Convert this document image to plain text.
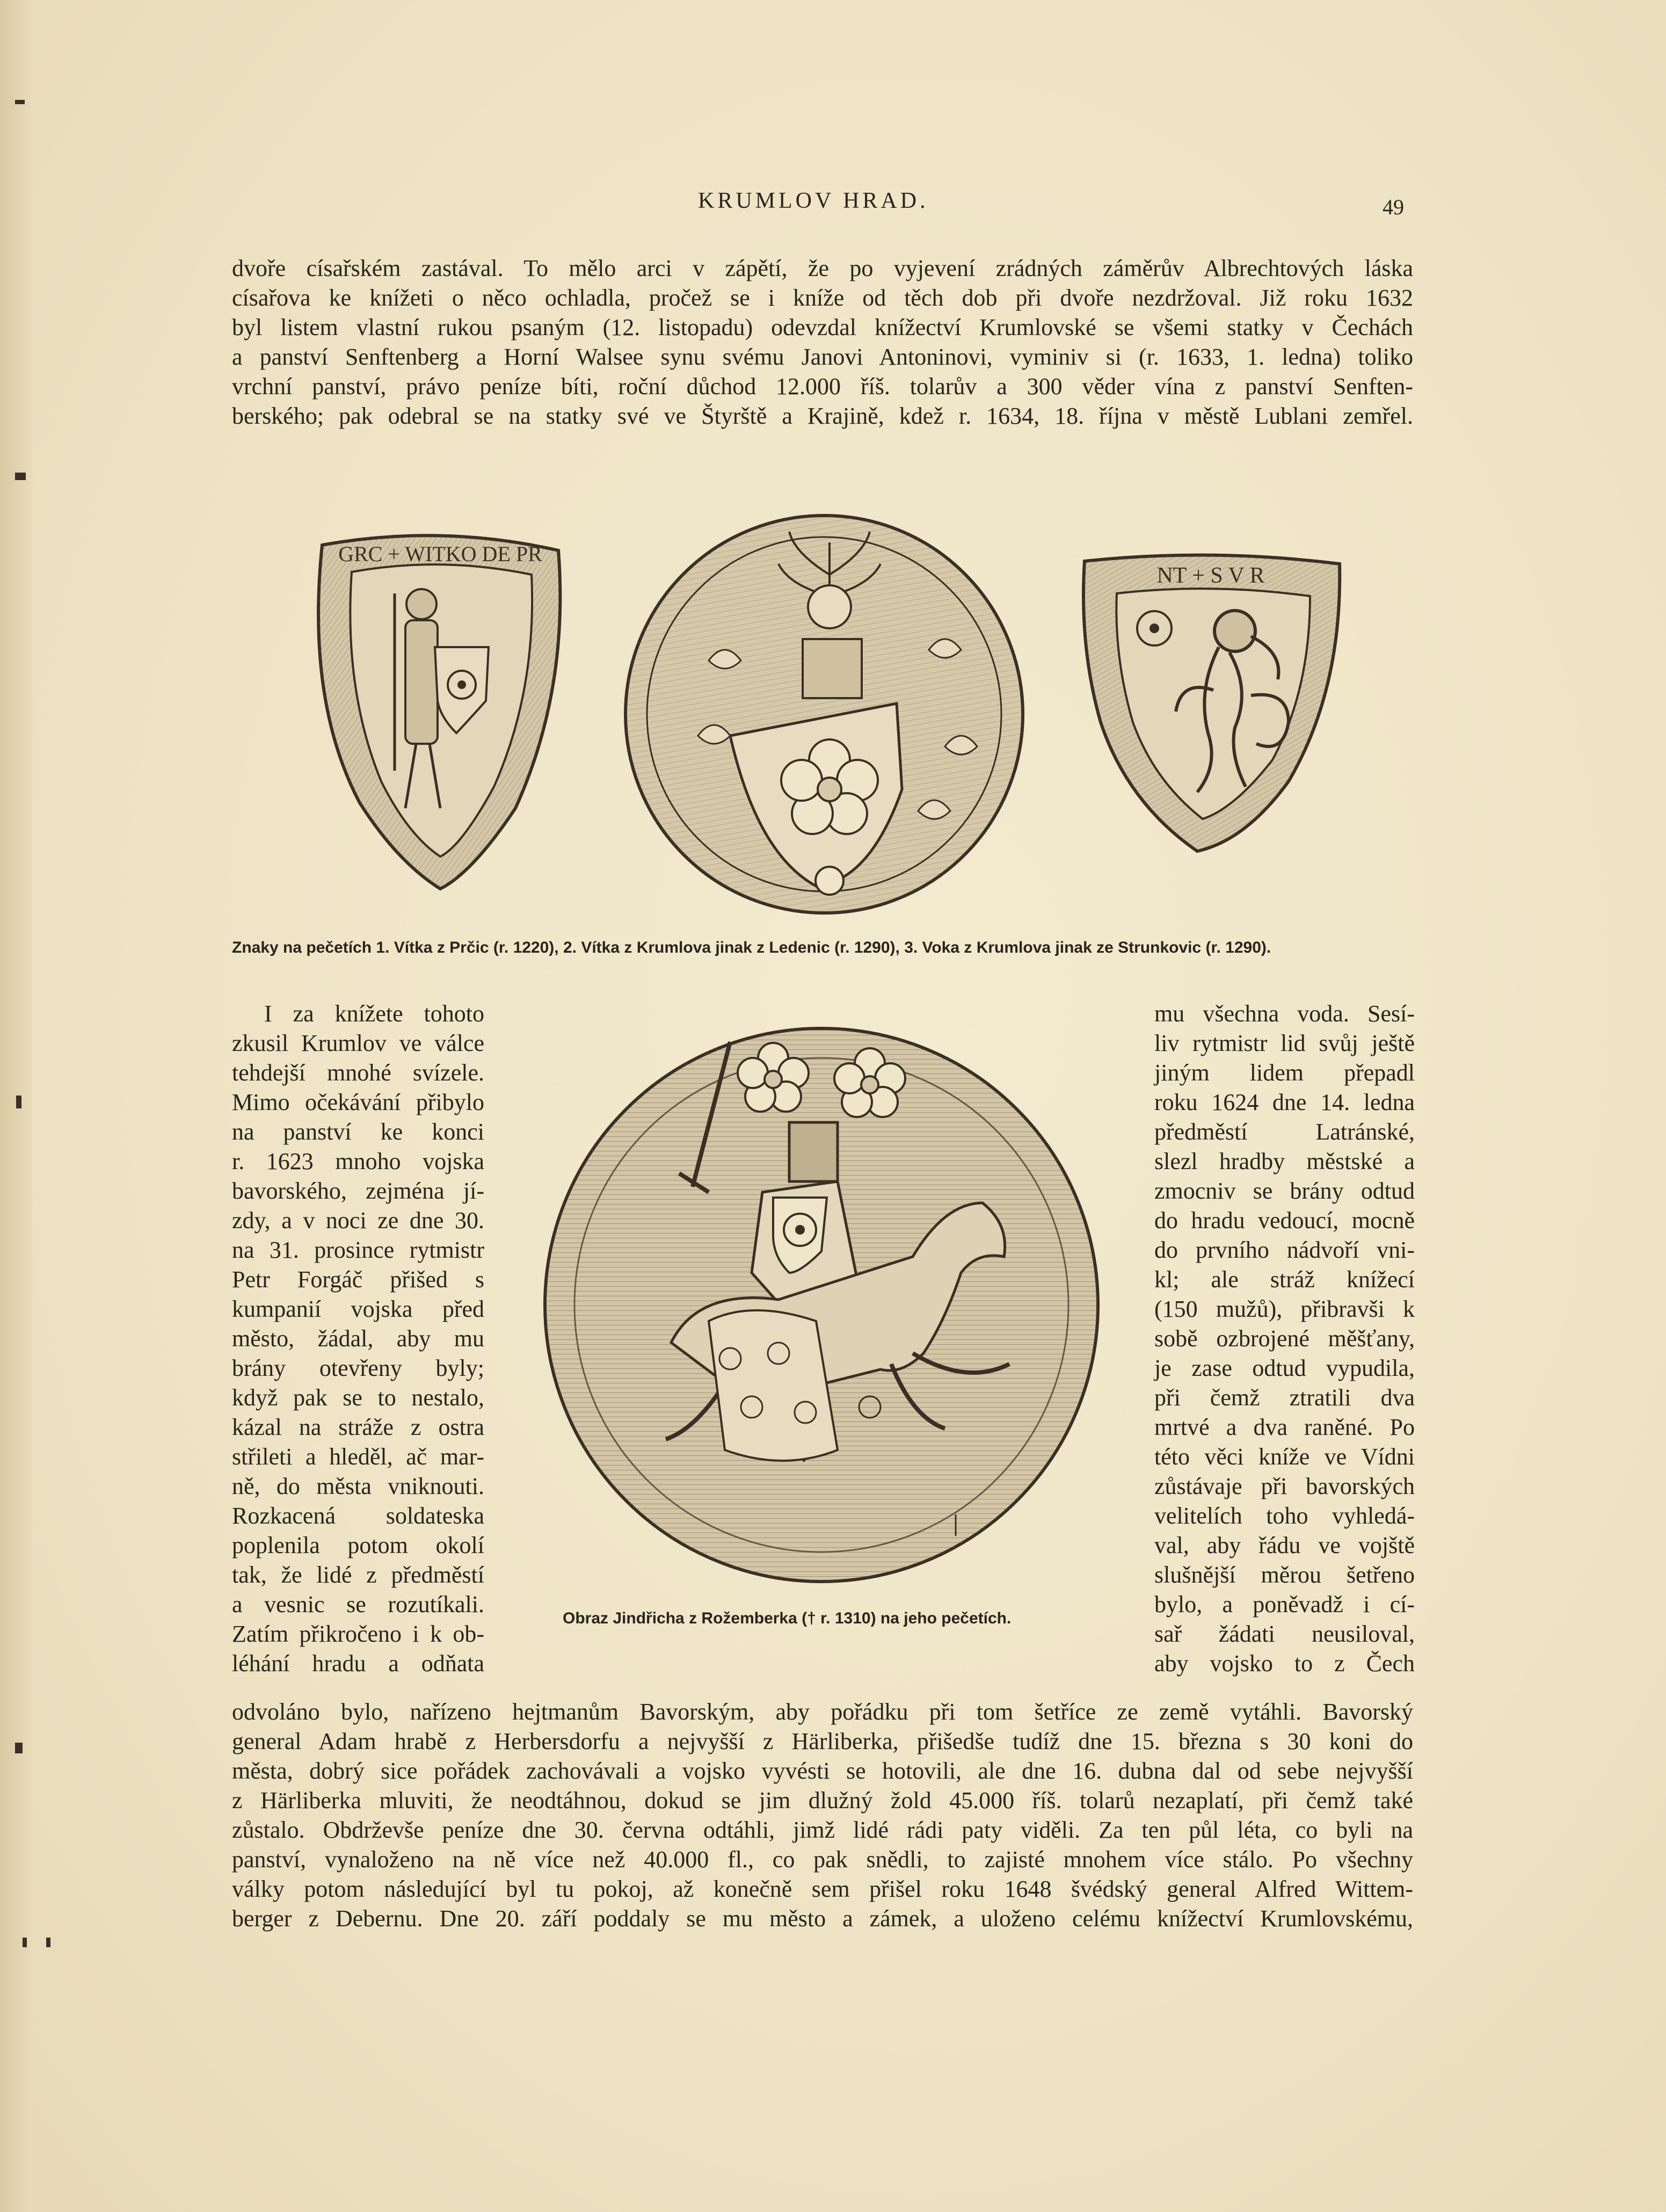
KRUMLOV HRAD.	49
dvoře císařském zastával. To mělo arci v zápětí, že po vyjevení zrádných záměrův Albrechtových láska
císařova ke knížeti o něco ochladla, pročež se i kníže od těch dob při dvoře nezdržoval. Již roku 1632
byl listem vlastní rukou psaným (12. listopadu) odevzdal knížectví Krumlovské se všemi statky v Čechách
a panství Senftenberg a Horní Walsee synu svému Janovi Antoninovi, vyminiv si (r. 1633, 1. ledna) toliko
vrchní panství, právo peníze bíti, roční důchod 12.000 říš. tolarův a 300 věder vína z panství Senften-
berského; pak odebral se na statky své ve Štyrště a Krajině, kdež r. 1634, 18. října v městě Lublani zemřel.
GRC + WITKO DE PR
NT + S V R
Znaky na pečetích 1. Vítka z Prčic (r. 1220), 2. Vítka z Krumlova jinak z Ledenic (r. 1290), 3. Voka z Krumlova jinak ze Strunkovic (r. 1290).
I za knížete tohoto
zkusil Krumlov ve válce
tehdejší mnohé svízele.
Mimo očekávání přibylo
na panství ke konci
r. 1623 mnoho vojska
bavorského, zejména jí-
zdy, a v noci ze dne 30.
na 31. prosince rytmistr
Petr Forgáč přišed s
kumpanií vojska před
město, žádal, aby mu
brány otevřeny byly;
když pak se to nestalo,
kázal na stráže z ostra
střileti a hleděl, ač mar-
ně, do města vniknouti.
Rozkacená soldateska
poplenila potom okolí
tak, že lidé z předměstí
a vesnic se rozutíkali.
Zatím přikročeno i k ob-
léhání hradu a odňata
Obraz Jindřicha z Rožemberka († r. 1310) na jeho pečetích.
mu všechna voda. Sesí-
liv rytmistr lid svůj ještě
jiným lidem přepadl
roku 1624 dne 14. ledna
předměstí Latránské,
slezl hradby městské a
zmocniv se brány odtud
do hradu vedoucí, mocně
do prvního nádvoří vni-
kl; ale stráž knížecí
(150 mužů), přibravši k
sobě ozbrojené měšťany,
je zase odtud vypudila,
při čemž ztratili dva
mrtvé a dva raněné. Po
této věci kníže ve Vídni
zůstávaje při bavorských
velitelích toho vyhledá-
val, aby řádu ve vojště
slušnější měrou šetřeno
bylo, a poněvadž i cí-
sař žádati neusiloval,
aby vojsko to z Čech
odvoláno bylo, nařízeno hejtmanům Bavorským, aby pořádku při tom šetříce ze země vytáhli. Bavorský
general Adam hrabě z Herbersdorfu a nejvyšší z Härliberka, přišedše tudíž dne 15. března s 30 koni do
města, dobrý sice pořádek zachovávali a vojsko vyvésti se hotovili, ale dne 16. dubna dal od sebe nejvyšší
z Härliberka mluviti, že neodtáhnou, dokud se jim dlužný žold 45.000 říš. tolarů nezaplatí, při čemž také
zůstalo. Obdrževše peníze dne 30. června odtáhli, jimž lidé rádi paty viděli. Za ten půl léta, co byli na
panství, vynaloženo na ně více než 40.000 fl., co pak snědli, to zajisté mnohem více stálo. Po všechny
války potom následující byl tu pokoj, až konečně sem přišel roku 1648 švédský general Alfred Wittem-
berger z Debernu. Dne 20. září poddaly se mu město a zámek, a uloženo celému knížectví Krumlovskému,
